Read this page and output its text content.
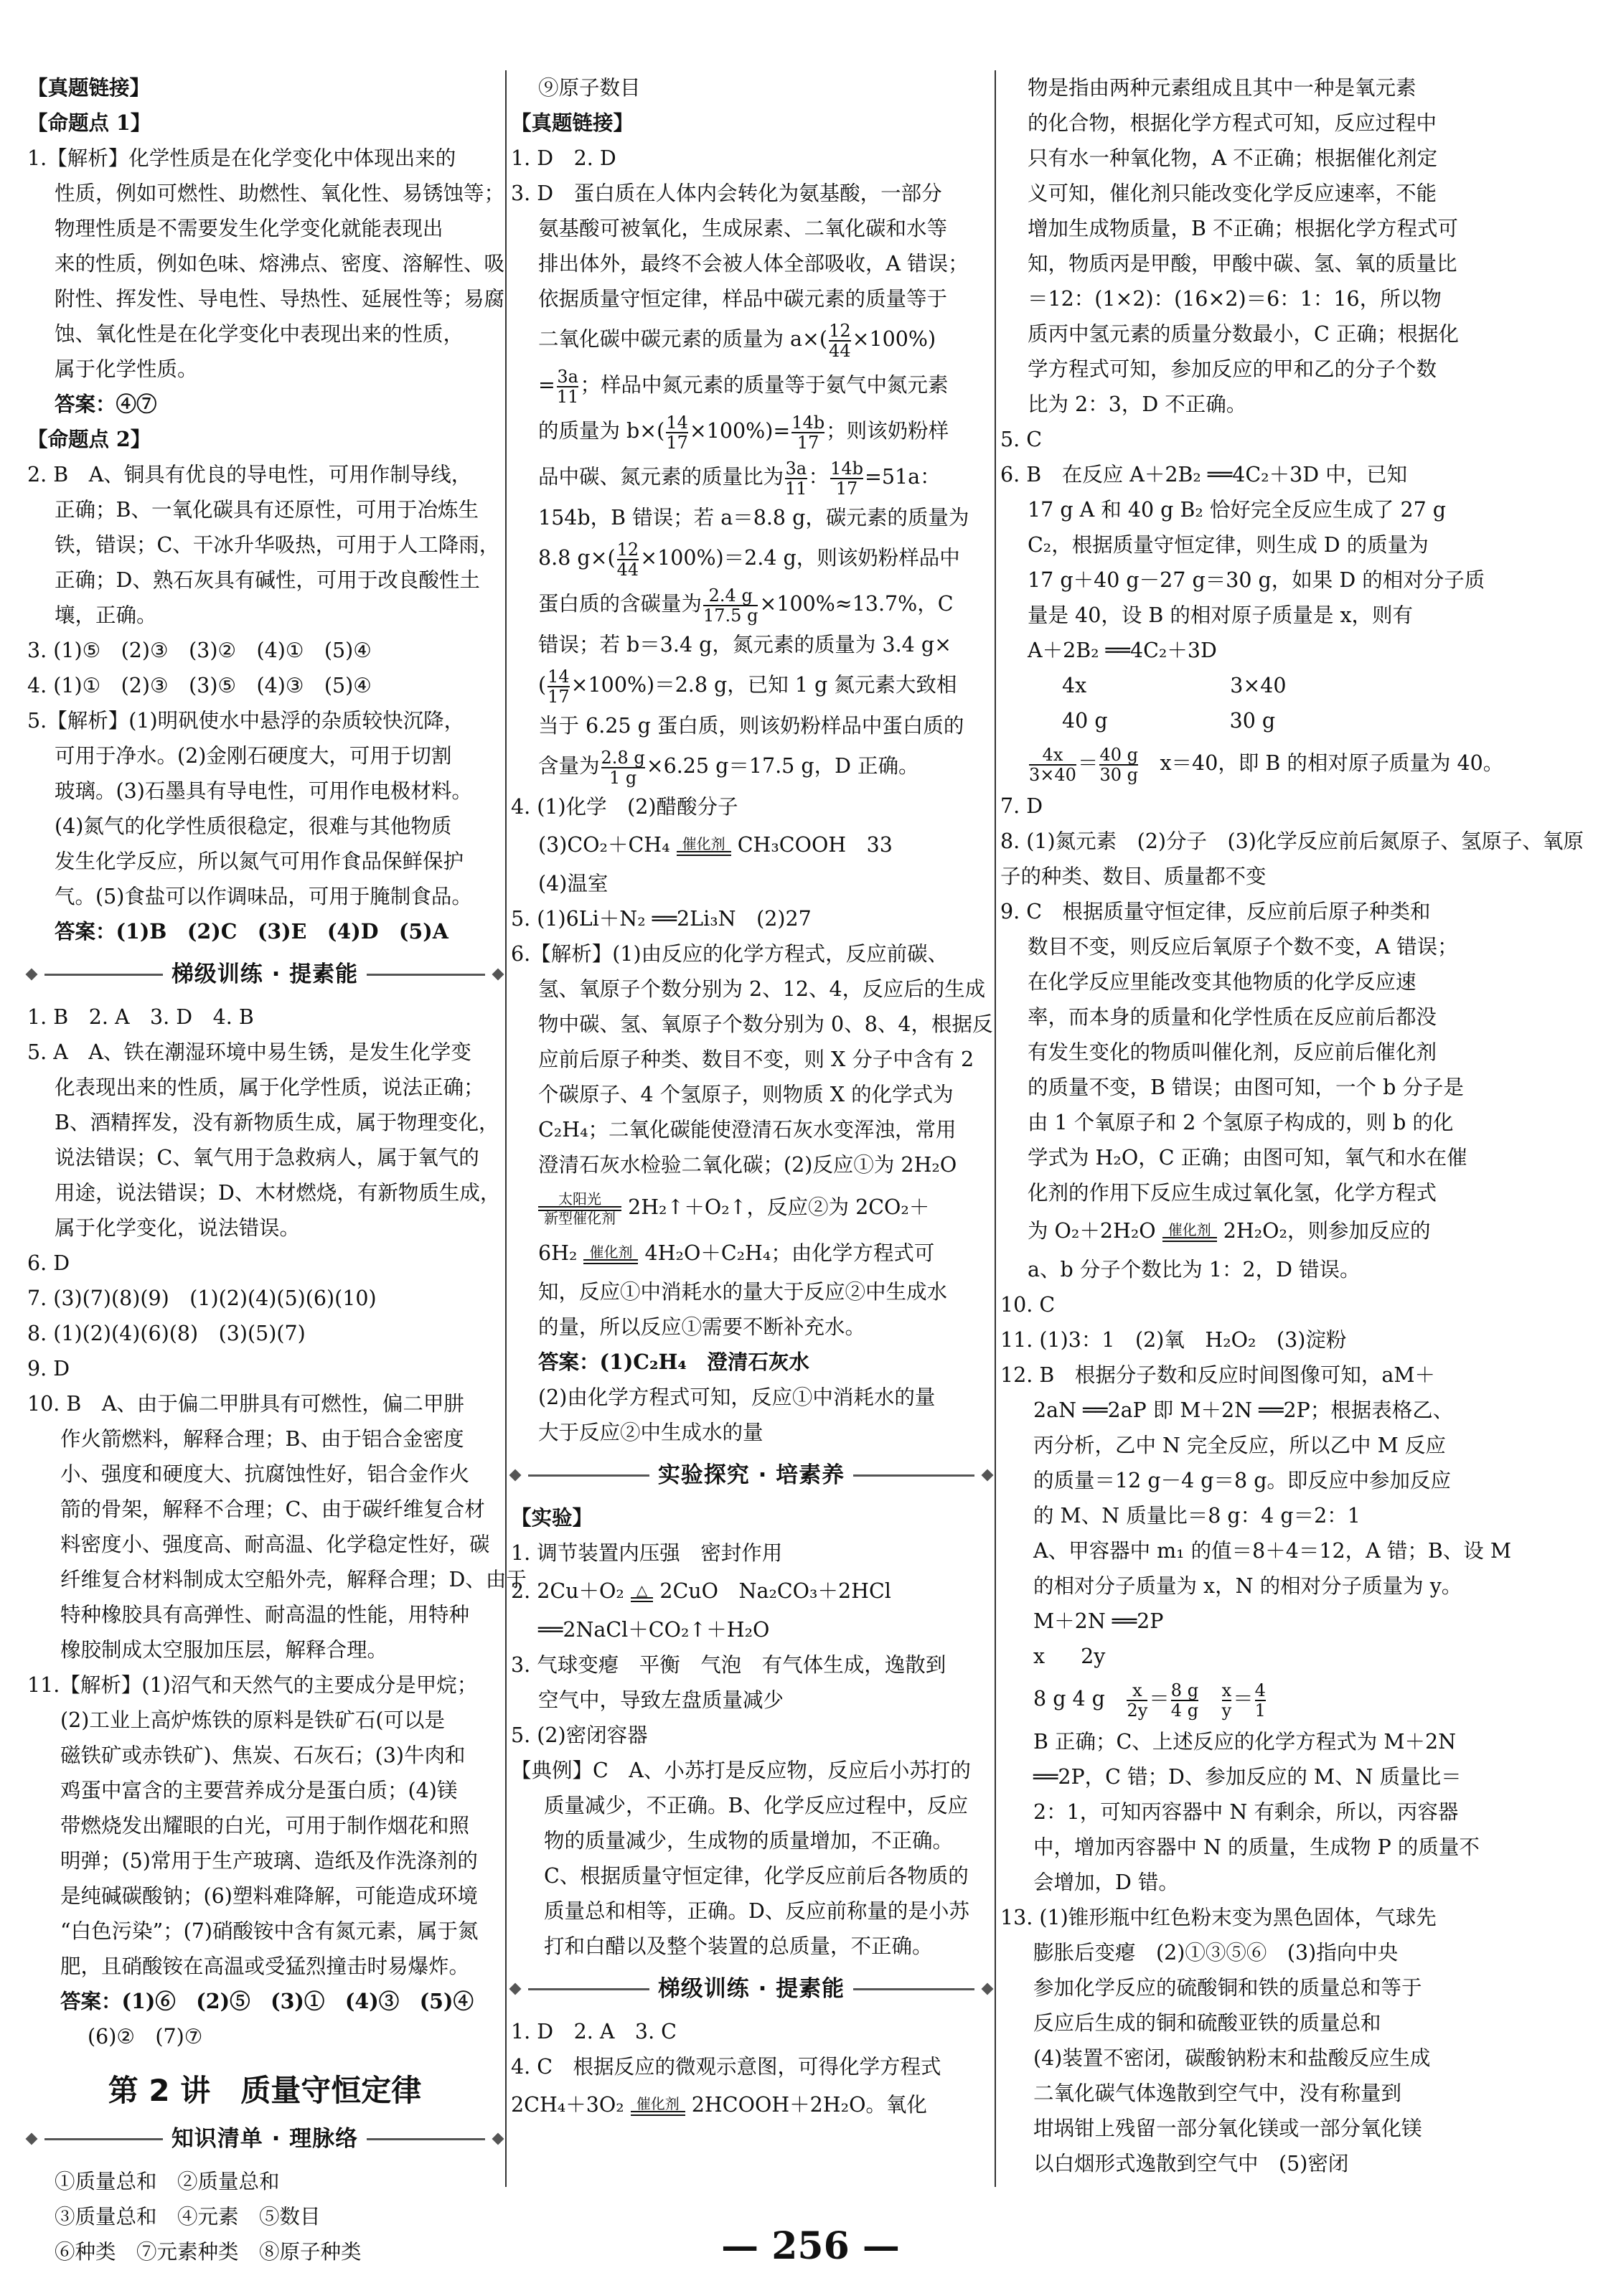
【真题链接】

【命题点 1】

1.【解析】化学性质是在化学变化中体现出来的

性质，例如可燃性、助燃性、氧化性、易锈蚀等；

物理性质是不需要发生化学变化就能表现出

来的性质，例如色味、熔沸点、密度、溶解性、吸

附性、挥发性、导电性、导热性、延展性等；易腐

蚀、氧化性是在化学变化中表现出来的性质，

属于化学性质。

答案：④⑦

【命题点 2】

2. B　A、铜具有优良的导电性，可用作制导线，

正确；B、一氧化碳具有还原性，可用于冶炼生

铁，错误；C、干冰升华吸热，可用于人工降雨，

正确；D、熟石灰具有碱性，可用于改良酸性土

壤，正确。

3. (1)⑤　(2)③　(3)②　(4)①　(5)④

4. (1)①　(2)③　(3)⑤　(4)③　(5)④

5.【解析】(1)明矾使水中悬浮的杂质较快沉降，

可用于净水。(2)金刚石硬度大，可用于切割

玻璃。(3)石墨具有导电性，可用作电极材料。

(4)氮气的化学性质很稳定，很难与其他物质

发生化学反应，所以氮气可用作食品保鲜保护

气。(5)食盐可以作调味品，可用于腌制食品。

答案：(1)B　(2)C　(3)E　(4)D　(5)A

梯级训练 · 提素能

1. B　2. A　3. D　4. B

5. A　A、铁在潮湿环境中易生锈，是发生化学变

化表现出来的性质，属于化学性质，说法正确；

B、酒精挥发，没有新物质生成，属于物理变化，

说法错误；C、氧气用于急救病人，属于氧气的

用途，说法错误；D、木材燃烧，有新物质生成，

属于化学变化，说法错误。

6. D

7. (3)(7)(8)(9)　(1)(2)(4)(5)(6)(10)

8. (1)(2)(4)(6)(8)　(3)(5)(7)

9. D

10. B　A、由于偏二甲肼具有可燃性，偏二甲肼

作火箭燃料，解释合理；B、由于铝合金密度

小、强度和硬度大、抗腐蚀性好，铝合金作火

箭的骨架，解释不合理；C、由于碳纤维复合材

料密度小、强度高、耐高温、化学稳定性好，碳

纤维复合材料制成太空船外壳，解释合理；D、由于

特种橡胶具有高弹性、耐高温的性能，用特种

橡胶制成太空服加压层，解释合理。

11.【解析】(1)沼气和天然气的主要成分是甲烷；

(2)工业上高炉炼铁的原料是铁矿石(可以是

磁铁矿或赤铁矿)、焦炭、石灰石；(3)牛肉和

鸡蛋中富含的主要营养成分是蛋白质；(4)镁

带燃烧发出耀眼的白光，可用于制作烟花和照

明弹；(5)常用于生产玻璃、造纸及作洗涤剂的

是纯碱碳酸钠；(6)塑料难降解，可能造成环境

“白色污染”；(7)硝酸铵中含有氮元素，属于氮

肥，且硝酸铵在高温或受猛烈撞击时易爆炸。

答案：(1)⑥　(2)⑤　(3)①　(4)③　(5)④

(6)②　(7)⑦

第 2 讲　质量守恒定律
知识清单 · 理脉络

①质量总和　②质量总和

③质量总和　④元素　⑤数目

⑥种类　⑦元素种类　⑧原子种类

⑨原子数目

【真题链接】

1. D　2. D

3. D　蛋白质在人体内会转化为氨基酸，一部分

氨基酸可被氧化，生成尿素、二氧化碳和水等

排出体外，最终不会被人体全部吸收，A 错误；

依据质量守恒定律，样品中碳元素的质量等于

二氧化碳中碳元素的质量为 $a\times( \frac{12}{44} \times 100\%)$

= $\frac{3a}{11}$ ；样品中氮元素的质量等于氨气中氮元素

的质量为 $b\times( \frac{14}{17} \times 100\%)= \frac{14b}{17}$ ；则该奶粉样

品中碳、氮元素的质量比为 $\frac{3a}{11}$ ： $\frac{14b}{17} =51a$：

154b，B 错误；若 a＝8.8 g，碳元素的质量为

8.8 $g\times( \frac{12}{44} \times 100\%)=2.4$ g，则该奶粉样品中

蛋白质的含碳量为 $\frac{2.4 g}{17.5 g} \times 100\%\approx 13.7\%$，C

错误；若 b＝3.4 g，氮元素的质量为 3.4 g×

( $\frac{14}{17} \times 100\%)=2.8$ g，已知 1 g 氮元素大致相

当于 6.25 g 蛋白质，则该奶粉样品中蛋白质的

含量为 $\frac{2.8 g}{1 g} \times 6.25$ g＝17.5 g，D 正确。

4. (1)化学　(2)醋酸分子

(3)CO₂＋CH₄ 催化剂 CH₃COOH　33

(4)温室

5. (1)6Li＋N₂ ══2Li₃N　(2)27

6.【解析】(1)由反应的化学方程式，反应前碳、

氢、氧原子个数分别为 2、12、4，反应后的生成

物中碳、氢、氧原子个数分别为 0、8、4，根据反

应前后原子种类、数目不变，则 X 分子中含有 2

个碳原子、4 个氢原子，则物质 X 的化学式为

C₂H₄；二氧化碳能使澄清石灰水变浑浊，常用

澄清石灰水检验二氧化碳；(2)反应①为 2H₂O

太阳光
新型催化剂 2H₂↑＋O₂↑，反应②为 2CO₂＋

6H₂ 催化剂 4H₂O＋C₂H₄；由化学方程式可

知，反应①中消耗水的量大于反应②中生成水

的量，所以反应①需要不断补充水。

答案：(1)C₂H₄　澄清石灰水

(2)由化学方程式可知，反应①中消耗水的量

大于反应②中生成水的量

实验探究 · 培素养

【实验】

1. 调节装置内压强　密封作用

2. 2Cu＋O₂ △ 2CuO　Na₂CO₃＋2HCl

══2NaCl＋CO₂↑＋H₂O

3. 气球变瘪　平衡　气泡　有气体生成，逸散到

空气中，导致左盘质量减少

5. (2)密闭容器

【典例】C　A、小苏打是反应物，反应后小苏打的

质量减少，不正确。B、化学反应过程中，反应

物的质量减少，生成物的质量增加，不正确。

C、根据质量守恒定律，化学反应前后各物质的

质量总和相等，正确。D、反应前称量的是小苏

打和白醋以及整个装置的总质量，不正确。

梯级训练 · 提素能

1. D　2. A　3. C

4. C　根据反应的微观示意图，可得化学方程式

2CH₄＋3O₂ 催化剂 2HCOOH＋2H₂O。氧化

物是指由两种元素组成且其中一种是氧元素

的化合物，根据化学方程式可知，反应过程中

只有水一种氧化物，A 不正确；根据催化剂定

义可知，催化剂只能改变化学反应速率，不能

增加生成物质量，B 不正确；根据化学方程式可

知，物质丙是甲酸，甲酸中碳、氢、氧的质量比

＝12：(1×2)：(16×2)＝6：1：16，所以物

质丙中氢元素的质量分数最小，C 正确；根据化

学方程式可知，参加反应的甲和乙的分子个数

比为 2：3，D 不正确。

5. C

6. B　在反应 A＋2B₂ ══4C₂＋3D 中，已知

17 g A 和 40 g B₂ 恰好完全反应生成了 27 g

C₂，根据质量守恒定律，则生成 D 的质量为

17 g＋40 g－27 g＝30 g，如果 D 的相对分子质

量是 40，设 B 的相对原子质量是 x，则有

A＋2B₂ ══4C₂＋3D

4x	3×40

40 g	30 g

$\frac{4x}{3\times 40} = \frac{40 g}{30 g}$
　 x＝40，即 B 的相对原子质量为 40。

7. D

8. (1)氮元素　(2)分子　(3)化学反应前后氮原子、氢原子、氧原子的种类、数目、质量都不变

9. C　根据质量守恒定律，反应前后原子种类和

数目不变，则反应后氧原子个数不变，A 错误；

在化学反应里能改变其他物质的化学反应速

率，而本身的质量和化学性质在反应前后都没

有发生变化的物质叫催化剂，反应前后催化剂

的质量不变，B 错误；由图可知，一个 b 分子是

由 1 个氧原子和 2 个氢原子构成的，则 b 的化

学式为 H₂O，C 正确；由图可知，氧气和水在催

化剂的作用下反应生成过氧化氢，化学方程式

为 O₂＋2H₂O 催化剂 2H₂O₂，则参加反应的

a、b 分子个数比为 1：2，D 错误。

10. C

11. (1)3：1　(2)氧　H₂O₂　(3)淀粉

12. B　根据分子数和反应时间图像可知，aM＋

2aN ══2aP 即 M＋2N ══2P；根据表格乙、

丙分析，乙中 N 完全反应，所以乙中 M 反应

的质量＝12 g－4 g＝8 g。即反应中参加反应

的 M、N 质量比＝8 g：4 g＝2：1

A、甲容器中 m₁ 的值＝8＋4＝12，A 错；B、设 M

的相对分子质量为 x，N 的相对分子质量为 y。

M＋2N ══2P

x 2y

8 g 4 g　 $\frac{x}{2y} = \frac{8 g}{4 g}$
　 $\frac{x}{y} = \frac{4}{1}$

B 正确；C、上述反应的化学方程式为 M＋2N

══2P，C 错；D、参加反应的 M、N 质量比＝

2：1，可知丙容器中 N 有剩余，所以，丙容器

中，增加丙容器中 N 的质量，生成物 P 的质量不

会增加，D 错。

13. (1)锥形瓶中红色粉末变为黑色固体，气球先

膨胀后变瘪　(2)①③⑤⑥　(3)指向中央

参加化学反应的硫酸铜和铁的质量总和等于

反应后生成的铜和硫酸亚铁的质量总和

(4)装置不密闭，碳酸钠粉末和盐酸反应生成

二氧化碳气体逸散到空气中，没有称量到

坩埚钳上残留一部分氧化镁或一部分氧化镁

以白烟形式逸散到空气中　(5)密闭

— 256 —
